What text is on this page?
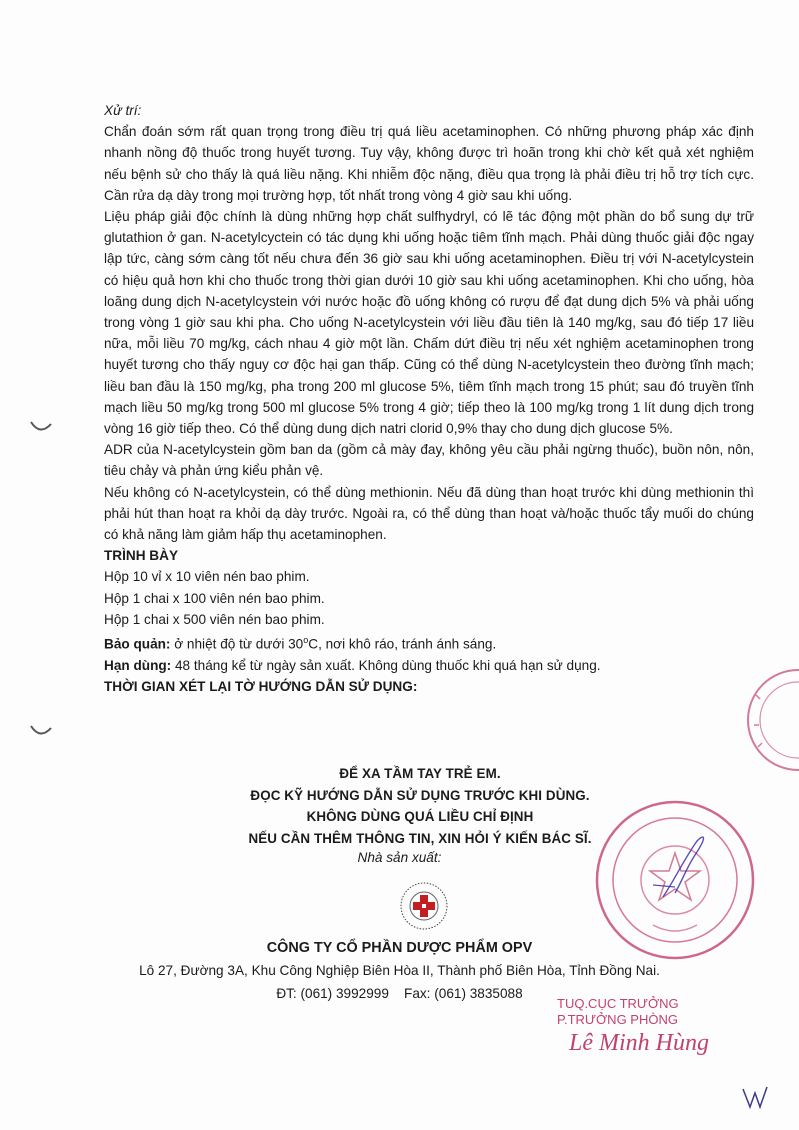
Xử trí:

Chẩn đoán sớm rất quan trọng trong điều trị quá liều acetaminophen. Có những phương pháp xác định nhanh nồng độ thuốc trong huyết tương. Tuy vậy, không được trì hoãn trong khi chờ kết quả xét nghiệm nếu bệnh sử cho thấy là quá liều nặng. Khi nhiễm độc nặng, điều qua trọng là phải điều trị hỗ trợ tích cực. Cần rửa dạ dày trong mọi trường hợp, tốt nhất trong vòng 4 giờ sau khi uống.

Liệu pháp giải độc chính là dùng những hợp chất sulfhydryl, có lẽ tác động một phần do bổ sung dự trữ glutathion ở gan. N-acetylcyctein có tác dụng khi uống hoặc tiêm tĩnh mạch. Phải dùng thuốc giải độc ngay lập tức, càng sớm càng tốt nếu chưa đến 36 giờ sau khi uống acetaminophen. Điều trị với N-acetylcystein có hiệu quả hơn khi cho thuốc trong thời gian dưới 10 giờ sau khi uống acetaminophen. Khi cho uống, hòa loãng dung dịch N-acetylcystein với nước hoặc đồ uống không có rượu để đạt dung dịch 5% và phải uống trong vòng 1 giờ sau khi pha. Cho uống N-acetylcystein với liều đầu tiên là 140 mg/kg, sau đó tiếp 17 liều nữa, mỗi liều 70 mg/kg, cách nhau 4 giờ một lần. Chấm dứt điều trị nếu xét nghiệm acetaminophen trong huyết tương cho thấy nguy cơ độc hại gan thấp. Cũng có thể dùng N-acetylcystein theo đường tĩnh mạch; liều ban đầu là 150 mg/kg, pha trong 200 ml glucose 5%, tiêm tĩnh mạch trong 15 phút; sau đó truyền tĩnh mạch liều 50 mg/kg trong 500 ml glucose 5% trong 4 giờ; tiếp theo là 100 mg/kg trong 1 lít dung dịch trong vòng 16 giờ tiếp theo. Có thể dùng dung dịch natri clorid 0,9% thay cho dung dịch glucose 5%.

ADR của N-acetylcystein gồm ban da (gồm cả mày đay, không yêu cầu phải ngừng thuốc), buồn nôn, nôn, tiêu chảy và phản ứng kiểu phản vệ.

Nếu không có N-acetylcystein, có thể dùng methionin. Nếu đã dùng than hoạt trước khi dùng methionin thì phải hút than hoạt ra khỏi dạ dày trước. Ngoài ra, có thể dùng than hoạt và/hoặc thuốc tẩy muối do chúng có khả năng làm giảm hấp thụ acetaminophen.

TRÌNH BÀY

Hộp 10 vỉ x 10 viên nén bao phim.

Hộp 1 chai x 100 viên nén bao phim.

Hộp 1 chai x 500 viên nén bao phim.

Bảo quản: ở nhiệt độ từ dưới 30$^o$C, nơi khô ráo, tránh ánh sáng.

Hạn dùng: 48 tháng kể từ ngày sản xuất. Không dùng thuốc khi quá hạn sử dụng.

THỜI GIAN XÉT LẠI TỜ HƯỚNG DẪN SỬ DỤNG:

ĐỂ XA TẦM TAY TRẺ EM.
ĐỌC KỸ HƯỚNG DẪN SỬ DỤNG TRƯỚC KHI DÙNG.
KHÔNG DÙNG QUÁ LIỀU CHỈ ĐỊNH
NẾU CẦN THÊM THÔNG TIN, XIN HỎI Ý KIẾN BÁC SĨ.
Nhà sản xuất:
CÔNG TY CỔ PHẦN DƯỢC PHẨM OPV
Lô 27, Đường 3A, Khu Công Nghiệp Biên Hòa II, Thành phố Biên Hòa, Tỉnh Đồng Nai.
ĐT: (061) 3992999    Fax: (061) 3835088
TUQ.CỤC TRƯỞNG
P.TRƯỞNG PHÒNG
Lê Minh Hùng
